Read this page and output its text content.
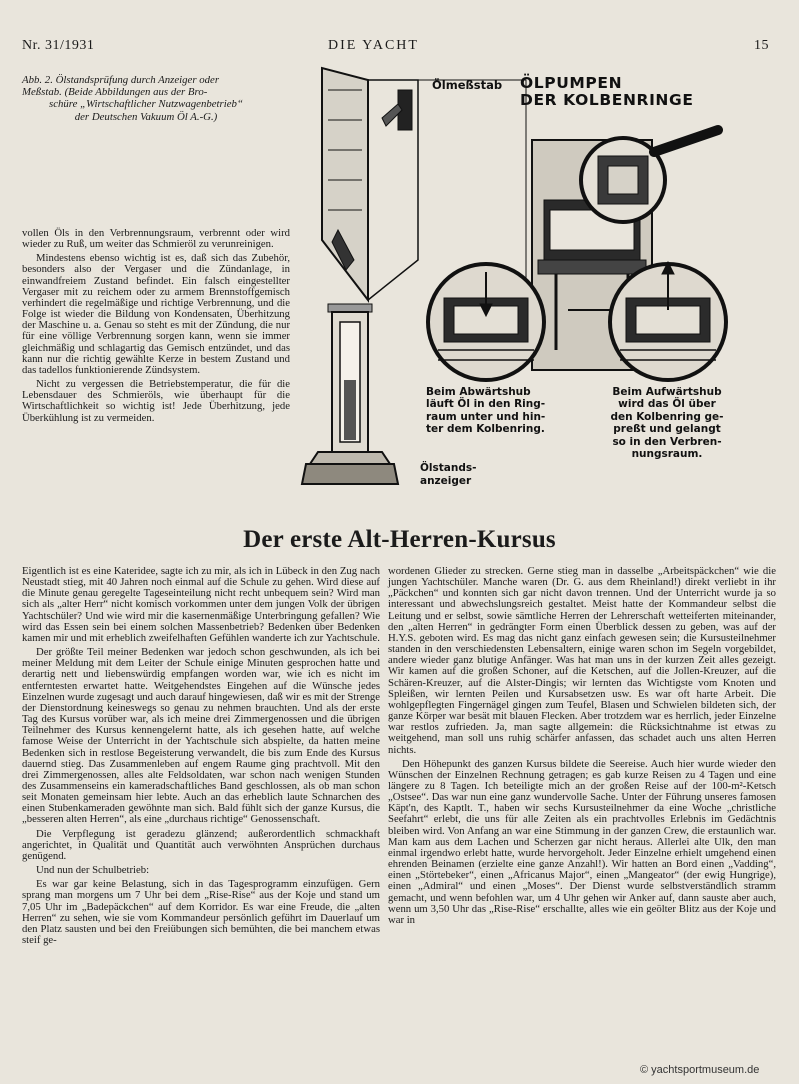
Nr. 31/1931	DIE YACHT	15
Abb. 2. Ölstandsprüfung durch Anzeiger oder
Meßstab. (Beide Abbildungen aus der Bro-
schüre „Wirtschaftlicher Nutzwagenbetrieb“
der Deutschen Vakuum Öl A.-G.)
Ölmeßstab ÖLPUMPEN
DER KOLBENRINGE
Beim Abwärtshub
läuft Öl in den Ring-
raum unter und hin-
ter dem Kolbenring.
Beim Aufwärtshub
wird das Öl über
den Kolbenring ge-
preßt und gelangt
so in den Verbren-
nungsraum.
Ölstands-
anzeiger

vollen Öls in den Verbrennungsraum, verbrennt oder wird wieder zu Ruß, um weiter das Schmieröl zu verunreinigen.

Mindestens ebenso wichtig ist es, daß sich das Zubehör, besonders also der Vergaser und die Zündanlage, in einwandfreiem Zustand befindet. Ein falsch eingestellter Vergaser mit zu reichem oder zu armem Brennstoffgemisch verhindert die regelmäßige und richtige Verbrennung, und die Folge ist wieder die Bildung von Kondensaten, Überhitzung der Maschine u. a. Genau so steht es mit der Zündung, die nur für eine völlige Verbrennung sorgen kann, wenn sie immer gleichmäßig und schlagartig das Gemisch entzündet, und das kann nur die richtig gewählte Kerze in bestem Zustand und das tadellos funktionierende Zündsystem.

Nicht zu vergessen die Betriebstemperatur, die für die Lebensdauer des Schmieröls, wie überhaupt für die Wirtschaftlichkeit so wichtig ist! Jede Überhitzung, jede Überkühlung ist zu vermeiden.

Der erste Alt-Herren-Kursus

Eigentlich ist es eine Kateridee, sagte ich zu mir, als ich in Lübeck in den Zug nach Neustadt stieg, mit 40 Jahren noch einmal auf die Schule zu gehen. Wird diese auf die Minute genau geregelte Tageseinteilung nicht recht unbequem sein? Wird man sich als „alter Herr“ nicht komisch vorkommen unter dem jungen Volk der übrigen Yachtschüler? Und wie wird mir die kasernenmäßige Unterbringung gefallen? Wie wird das Essen sein bei einem solchen Massenbetrieb? Bedenken über Bedenken kamen mir und mit erheblich zweifelhaften Gefühlen wanderte ich zur Yachtschule.

Der größte Teil meiner Bedenken war jedoch schon geschwunden, als ich bei meiner Meldung mit dem Leiter der Schule einige Minuten gesprochen hatte und derartig nett und liebenswürdig empfangen worden war, wie ich es nicht im entferntesten erwartet hatte. Weitgehendstes Eingehen auf die Wünsche jedes Einzelnen wurde zugesagt und auch darauf hingewiesen, daß wir es mit der Strenge der Dienstordnung keineswegs so genau zu nehmen brauchten. Und als der erste Tag des Kursus vorüber war, als ich meine drei Zimmergenossen und die übrigen Teilnehmer des Kursus kennengelernt hatte, als ich gesehen hatte, auf welche famose Weise der Unterricht in der Yachtschule sich abspielte, da hatten meine Bedenken sich in restlose Begeisterung verwandelt, die bis zum Ende des Kursus dauernd stieg. Das Zusammenleben auf engem Raume ging prachtvoll. Mit den drei Zimmergenossen, alles alte Feldsoldaten, war schon nach wenigen Stunden des Zusammenseins ein kameradschaftliches Band geschlossen, als ob man schon seit Monaten gemeinsam hier lebte. Auch an das erheblich laute Schnarchen des einen Stubenkameraden gewöhnte man sich. Bald fühlt sich der ganze Kursus, die „besseren alten Herren“, als eine „durchaus richtige“ Genossenschaft.

Die Verpflegung ist geradezu glänzend; außerordentlich schmackhaft angerichtet, in Qualität und Quantität auch verwöhnten Ansprüchen durchaus genügend.

Und nun der Schulbetrieb:

Es war gar keine Belastung, sich in das Tagesprogramm einzufügen. Gern sprang man morgens um 7 Uhr bei dem „Rise-Rise“ aus der Koje und stand um 7,05 Uhr im „Badepäckchen“ auf dem Korridor. Es war eine Freude, die „alten Herren“ zu sehen, wie sie vom Kommandeur persönlich geführt im Dauerlauf um den Platz sausten und bei den Freiübungen sich bemühten, die bei manchem etwas steif ge-

wordenen Glieder zu strecken. Gerne stieg man in dasselbe „Arbeitspäckchen“ wie die jungen Yachtschüler. Manche waren (Dr. G. aus dem Rheinland!) direkt verliebt in ihr „Päckchen“ und konnten sich gar nicht davon trennen. Und der Unterricht wurde ja so interessant und abwechslungsreich gestaltet. Meist hatte der Kommandeur selbst die Leitung und er selbst, sowie sämtliche Herren der Lehrerschaft wetteiferten miteinander, den „alten Herren“ in gedrängter Form einen Überblick dessen zu geben, was auf der H.Y.S. geboten wird. Es mag das nicht ganz einfach gewesen sein; die Kursusteilnehmer standen in den verschiedensten Lebensaltern, einige waren schon im Segeln vorgebildet, andere wieder ganz blutige Anfänger. Was hat man uns in der kurzen Zeit alles gezeigt. Wir kamen auf die großen Schoner, auf die Ketschen, auf die Jollen-Kreuzer, auf die Schären-Kreuzer, auf die Alster-Dingis; wir lernten das Wichtigste vom Knoten und Spleißen, wir lernten Peilen und Kursabsetzen usw. Es war oft harte Arbeit. Die wohlgepflegten Fingernägel gingen zum Teufel, Blasen und Schwielen bildeten sich, der ganze Körper war besät mit blauen Flecken. Aber trotzdem war es herrlich, jeder Einzelne war restlos zufrieden. Ja, man sagte allgemein: die Rücksichtnahme ist etwas zu weitgehend, man soll uns ruhig schärfer anfassen, das schadet auch uns alten Herren nichts.

Den Höhepunkt des ganzen Kursus bildete die Seereise. Auch hier wurde wieder den Wünschen der Einzelnen Rechnung getragen; es gab kurze Reisen zu 4 Tagen und eine längere zu 8 Tagen. Ich beteiligte mich an der großen Reise auf der 100-m²-Ketsch „Ostsee“. Das war nun eine ganz wundervolle Sache. Unter der Führung unseres famosen Käpt'n, des Kaptlt. T., haben wir sechs Kursusteilnehmer da eine Woche „christliche Seefahrt“ erlebt, die uns für alle Zeiten als ein prachtvolles Erlebnis im Gedächtnis bleiben wird. Von Anfang an war eine Stimmung in der ganzen Crew, die erstaunlich war. Man kam aus dem Lachen und Scherzen gar nicht heraus. Allerlei alte Ulk, den man einmal irgendwo erlebt hatte, wurde hervorgeholt. Jeder Einzelne erhielt umgehend einen ehrenden Beinamen (erzielte eine ganze Anzahl!). Wir hatten an Bord einen „Vadding“, einen „Störtebeker“, einen „Africanus Major“, einen „Mangeator“ (der ewig Hungrige), einen „Admiral“ und einen „Moses“. Der Dienst wurde selbstverständlich stramm gemacht, und wenn befohlen war, um 4 Uhr gehen wir Anker auf, dann sauste aber auch, wenn um 3,50 Uhr das „Rise-Rise“ erschallte, alles wie ein geölter Blitz aus der Koje und war in

© yachtsportmuseum.de
